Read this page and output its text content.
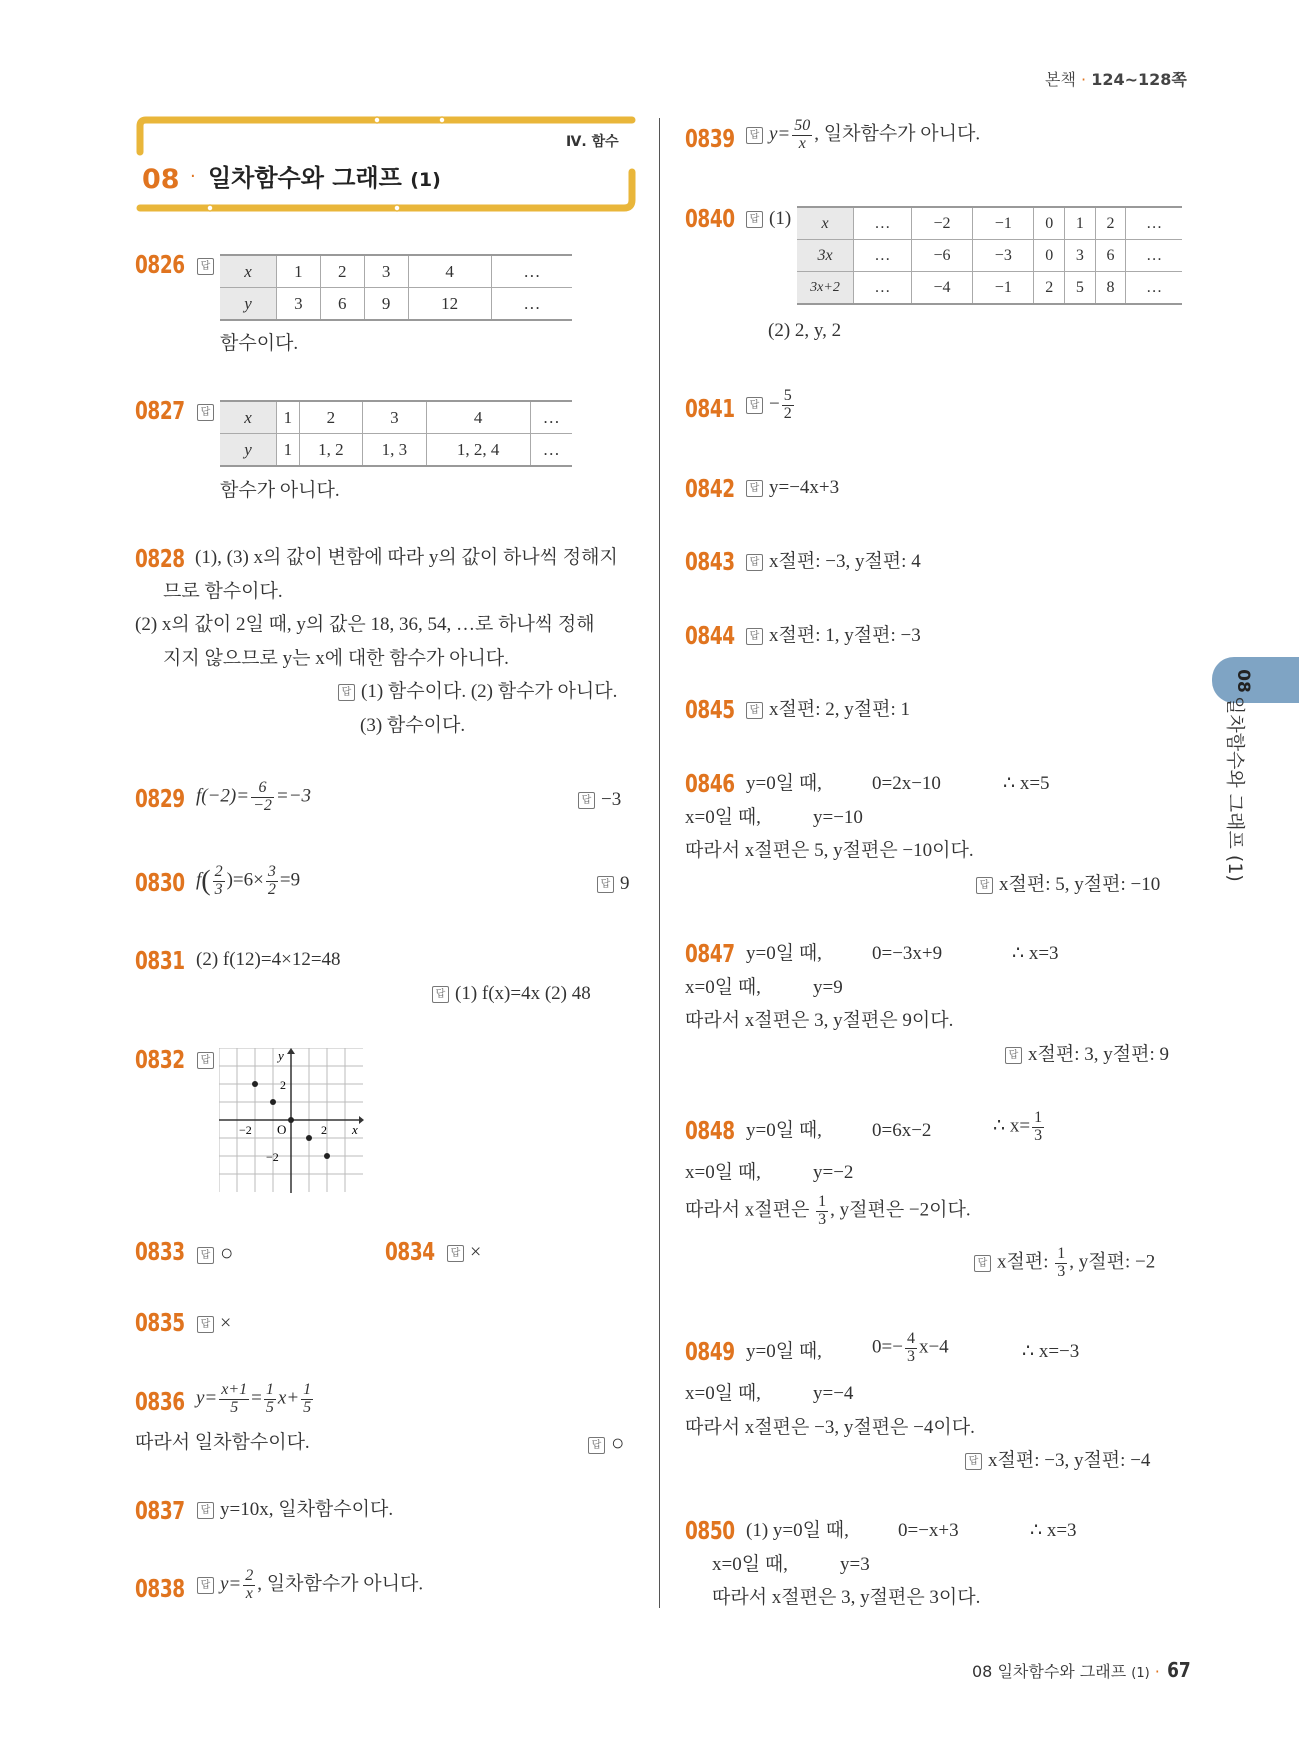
본책 · 124~128쪽
Ⅳ. 함수
08 · 일차함수와 그래프 (1)
0826	답 x	1	2	3	4	…
y	3	6	9	12	…
함수이다.
0827	답 x	1	2	3	4	…
y	1	1, 2	1, 3	1, 2, 4	…
함수가 아니다.
0828 (1), (3) x의 값이 변함에 따라 y의 값이 하나씩 정해지
므로 함수이다.
(2) x의 값이 2일 때, y의 값은 18, 36, 54, …로 하나씩 정해
지지 않으므로 y는 x에 대한 함수가 아니다.
답 (1) 함수이다. (2) 함수가 아니다.
(3) 함수이다.
0829 $f(-2)= \frac{6}{-2} =-3$	답 −3
0830 $f( \frac{2}{3} )=6\times \frac{3}{2} =9$	답 9
0831 (2) f(12)=4×12=48
답 (1) f(x)=4x (2) 48
0832	답
x
y
O
−2	2
2
−2
0833	답 ○	0834	답 ×
0835	답 ×
0836 $y= \frac{x+1}{5} = \frac{1}{5} x+ \frac{1}{5}$
따라서 일차함수이다.	답 ○
0837	답 y=10x, 일차함수이다.
0838	답 $y= \frac{2}{x}$ , 일차함수가 아니다.
0839	답 $y= \frac{50}{x}$ , 일차함수가 아니다.
0840	답 (1) x	…	−2	−1	0	1	2	…
3x	…	−6	−3	0	3	6	…
3x+2	…	−4	−1	2	5	8	…
(2) 2, y, 2
0841	답 − $\frac{5}{2}$
0842	답 y=−4x+3
0843	답 x절편: −3, y절편: 4
0844	답 x절편: 1, y절편: −3
0845	답 x절편: 2, y절편: 1
0846 y=0일 때,	0=2x−10	∴ x=5
x=0일 때,	y=−10
따라서 x절편은 5, y절편은 −10이다.
답 x절편: 5, y절편: −10
0847 y=0일 때,	0=−3x+9	∴ x=3
x=0일 때,	y=9
따라서 x절편은 3, y절편은 9이다.
답 x절편: 3, y절편: 9
0848 y=0일 때,	0=6x−2	∴ $x= \frac{1}{3}$
x=0일 때,	y=−2
따라서 x절편은 $\frac{1}{3}$ , y절편은 −2이다.
답 x절편: $\frac{1}{3}$ , y절편: −2
0849 y=0일 때,	$0=- \frac{4}{3} x-4$	∴ x=−3
x=0일 때,	y=−4
따라서 x절편은 −3, y절편은 −4이다.
답 x절편: −3, y절편: −4
0850 (1) y=0일 때,	0=−x+3	∴ x=3
x=0일 때,	y=3
따라서 x절편은 3, y절편은 3이다.
08
일차함수와 그래프 (1)
08 일차함수와 그래프 (1) · 67
